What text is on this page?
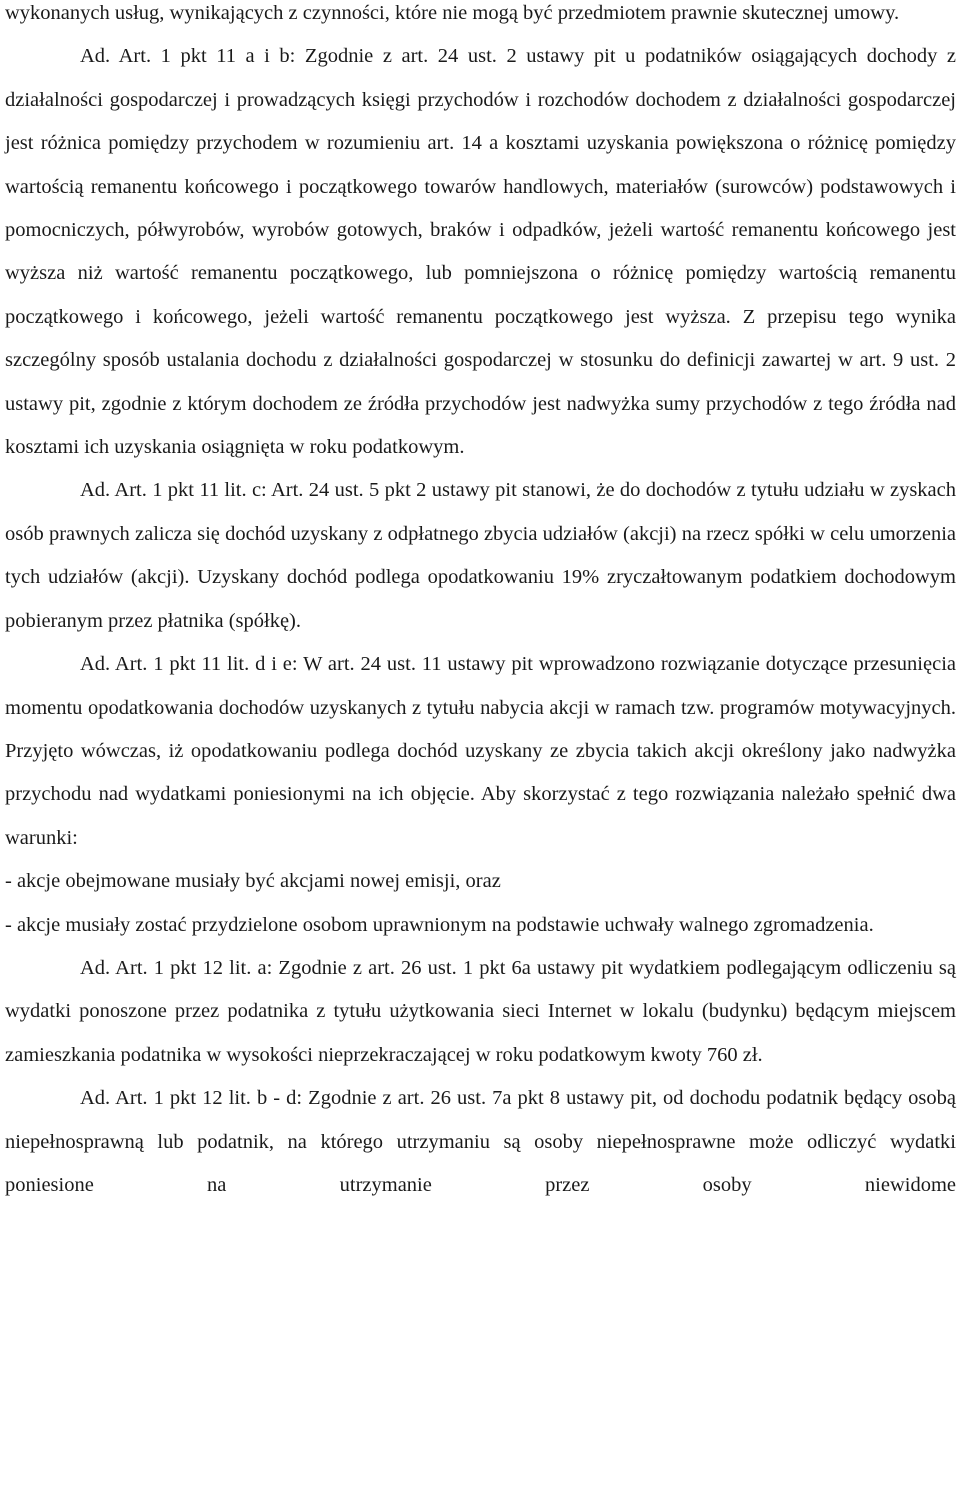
wykonanych usług, wynikających z czynności, które nie mogą być przedmiotem prawnie skutecznej umowy.

Ad. Art. 1 pkt 11 a i b: Zgodnie z art. 24 ust. 2 ustawy pit u podatników osiągających dochody z działalności gospodarczej i prowadzących księgi przychodów i rozchodów dochodem z działalności gospodarczej jest różnica pomiędzy przychodem w rozumieniu art. 14 a kosztami uzyskania powiększona o różnicę pomiędzy wartością remanentu końcowego i początkowego towarów handlowych, materiałów (surowców) podstawowych i pomocniczych, półwyrobów, wyrobów gotowych, braków i odpadków, jeżeli wartość remanentu końcowego jest wyższa niż wartość remanentu początkowego, lub pomniejszona o różnicę pomiędzy wartością remanentu początkowego i końcowego, jeżeli wartość remanentu początkowego jest wyższa. Z przepisu tego wynika szczególny sposób ustalania dochodu z działalności gospodarczej w stosunku do definicji zawartej w art. 9 ust. 2 ustawy pit, zgodnie z którym dochodem ze źródła przychodów jest nadwyżka sumy przychodów z tego źródła nad kosztami ich uzyskania osiągnięta w roku podatkowym.

Ad. Art. 1 pkt 11 lit. c: Art. 24 ust. 5 pkt 2 ustawy pit stanowi, że do dochodów z tytułu udziału w zyskach osób prawnych zalicza się dochód uzyskany z odpłatnego zbycia udziałów (akcji) na rzecz spółki w celu umorzenia tych udziałów (akcji). Uzyskany dochód podlega opodatkowaniu 19% zryczałtowanym podatkiem dochodowym pobieranym przez płatnika (spółkę).

Ad. Art. 1 pkt 11 lit. d i e: W art. 24 ust. 11 ustawy pit wprowadzono rozwiązanie dotyczące przesunięcia momentu opodatkowania dochodów uzyskanych z tytułu nabycia akcji w ramach tzw. programów motywacyjnych. Przyjęto wówczas, iż opodatkowaniu podlega dochód uzyskany ze zbycia takich akcji określony jako nadwyżka przychodu nad wydatkami poniesionymi na ich objęcie. Aby skorzystać z tego rozwiązania należało spełnić dwa warunki:

- akcje obejmowane musiały być akcjami nowej emisji, oraz

- akcje musiały zostać przydzielone osobom uprawnionym na podstawie uchwały walnego zgromadzenia.

Ad. Art. 1 pkt 12 lit. a: Zgodnie z art. 26 ust. 1 pkt 6a ustawy pit wydatkiem podlegającym odliczeniu są wydatki ponoszone przez podatnika z tytułu użytkowania sieci Internet w lokalu (budynku) będącym miejscem zamieszkania podatnika w wysokości nieprzekraczającej w roku podatkowym kwoty 760 zł.

Ad. Art. 1 pkt 12 lit. b - d: Zgodnie z art. 26 ust. 7a pkt 8 ustawy pit, od dochodu podatnik będący osobą niepełnosprawną lub podatnik, na którego utrzymaniu są osoby niepełnosprawne może odliczyć wydatki poniesione na utrzymanie przez osoby niewidome
